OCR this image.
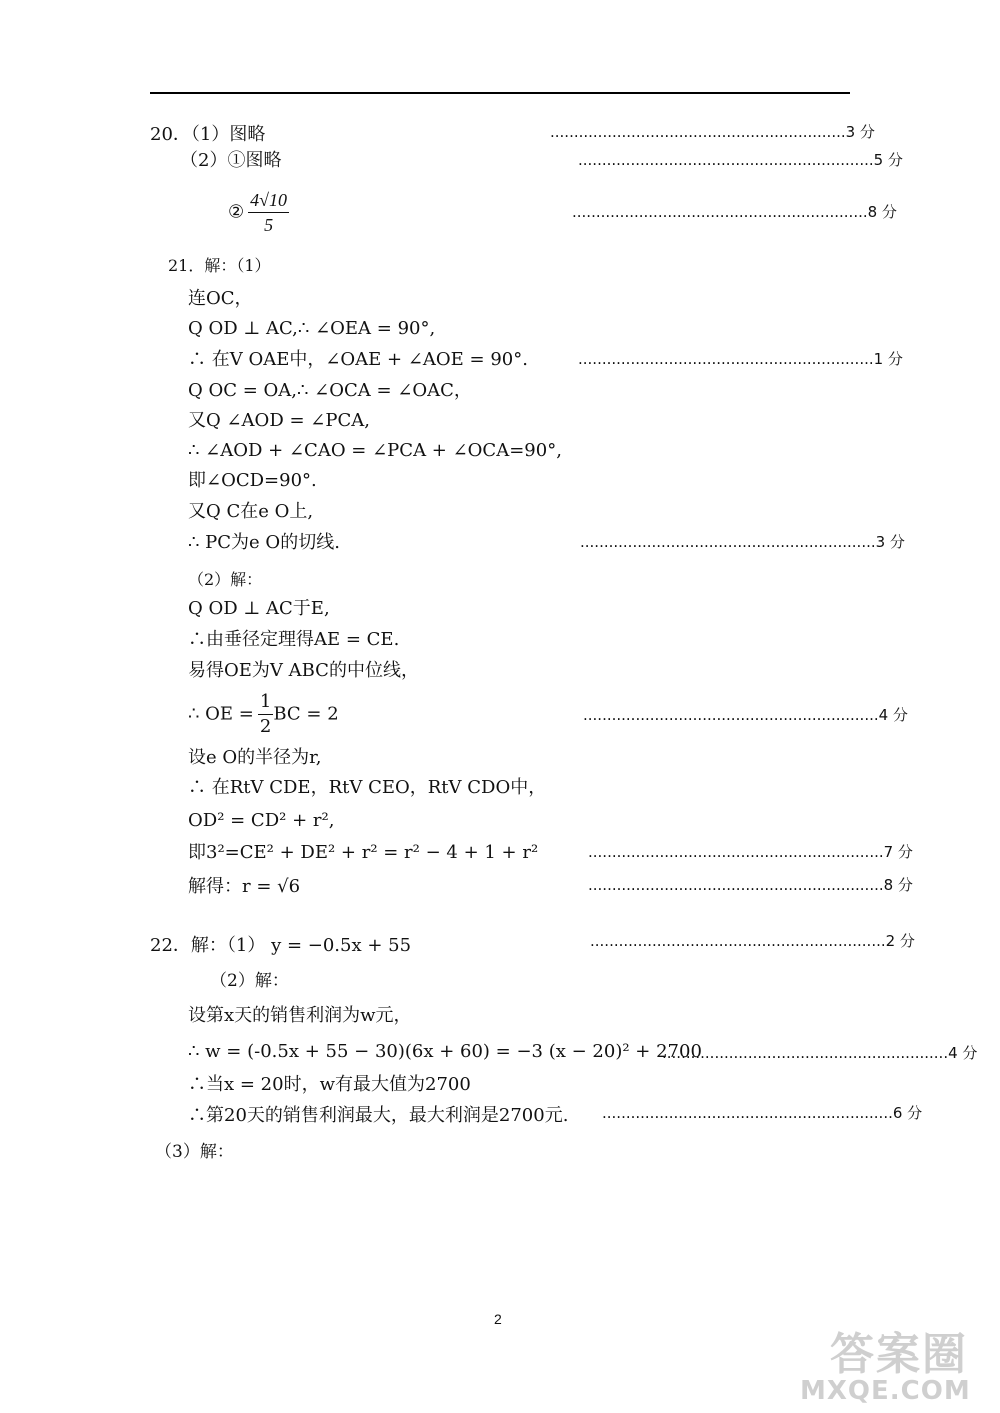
20．（1）图略	..............................................................3 分
（2）①图略	..............................................................5 分
② $\frac{4√10}{5}$	..............................................................8 分
21．解：（1）
连OC，
Q OD ⊥ AC,∴ ∠OEA = 90°,
∴ 在V OAE中，∠OAE + ∠AOE = 90°.	..............................................................1 分
Q OC = OA,∴ ∠OCA = ∠OAC，
又Q ∠AOD = ∠PCA,
∴ ∠AOD + ∠CAO = ∠PCA + ∠OCA=90°,
即∠OCD=90°.
又Q C在e O上,
∴ PC为e O的切线.	..............................................................3 分
（2）解：
Q OD ⊥ AC于E,
∴由垂径定理得AE = CE.
易得OE为V ABC的中位线，
∴ OE = $\frac{1}{2}$ BC = 2	..............................................................4 分
设e O的半径为r,
∴ 在RtV CDE，RtV CEO，RtV CDO中，
OD² = CD² + r²,
即3²=CE² + DE² + r² = r² − 4 + 1 + r²	..............................................................7 分
解得：r = √6	..............................................................8 分
22．解：（1） y = −0.5x + 55	..............................................................2 分
（2）解：
设第x天的销售利润为w元，
∴ w = (-0.5x + 55 − 30)(6x + 60) = −3 (x − 20)² + 2700
............................................................4 分
∴当x = 20时，w有最大值为2700
∴第20天的销售利润最大，最大利润是2700元. .............................................................6 分
（3）解：
2
答案圈
MXQE.COM
